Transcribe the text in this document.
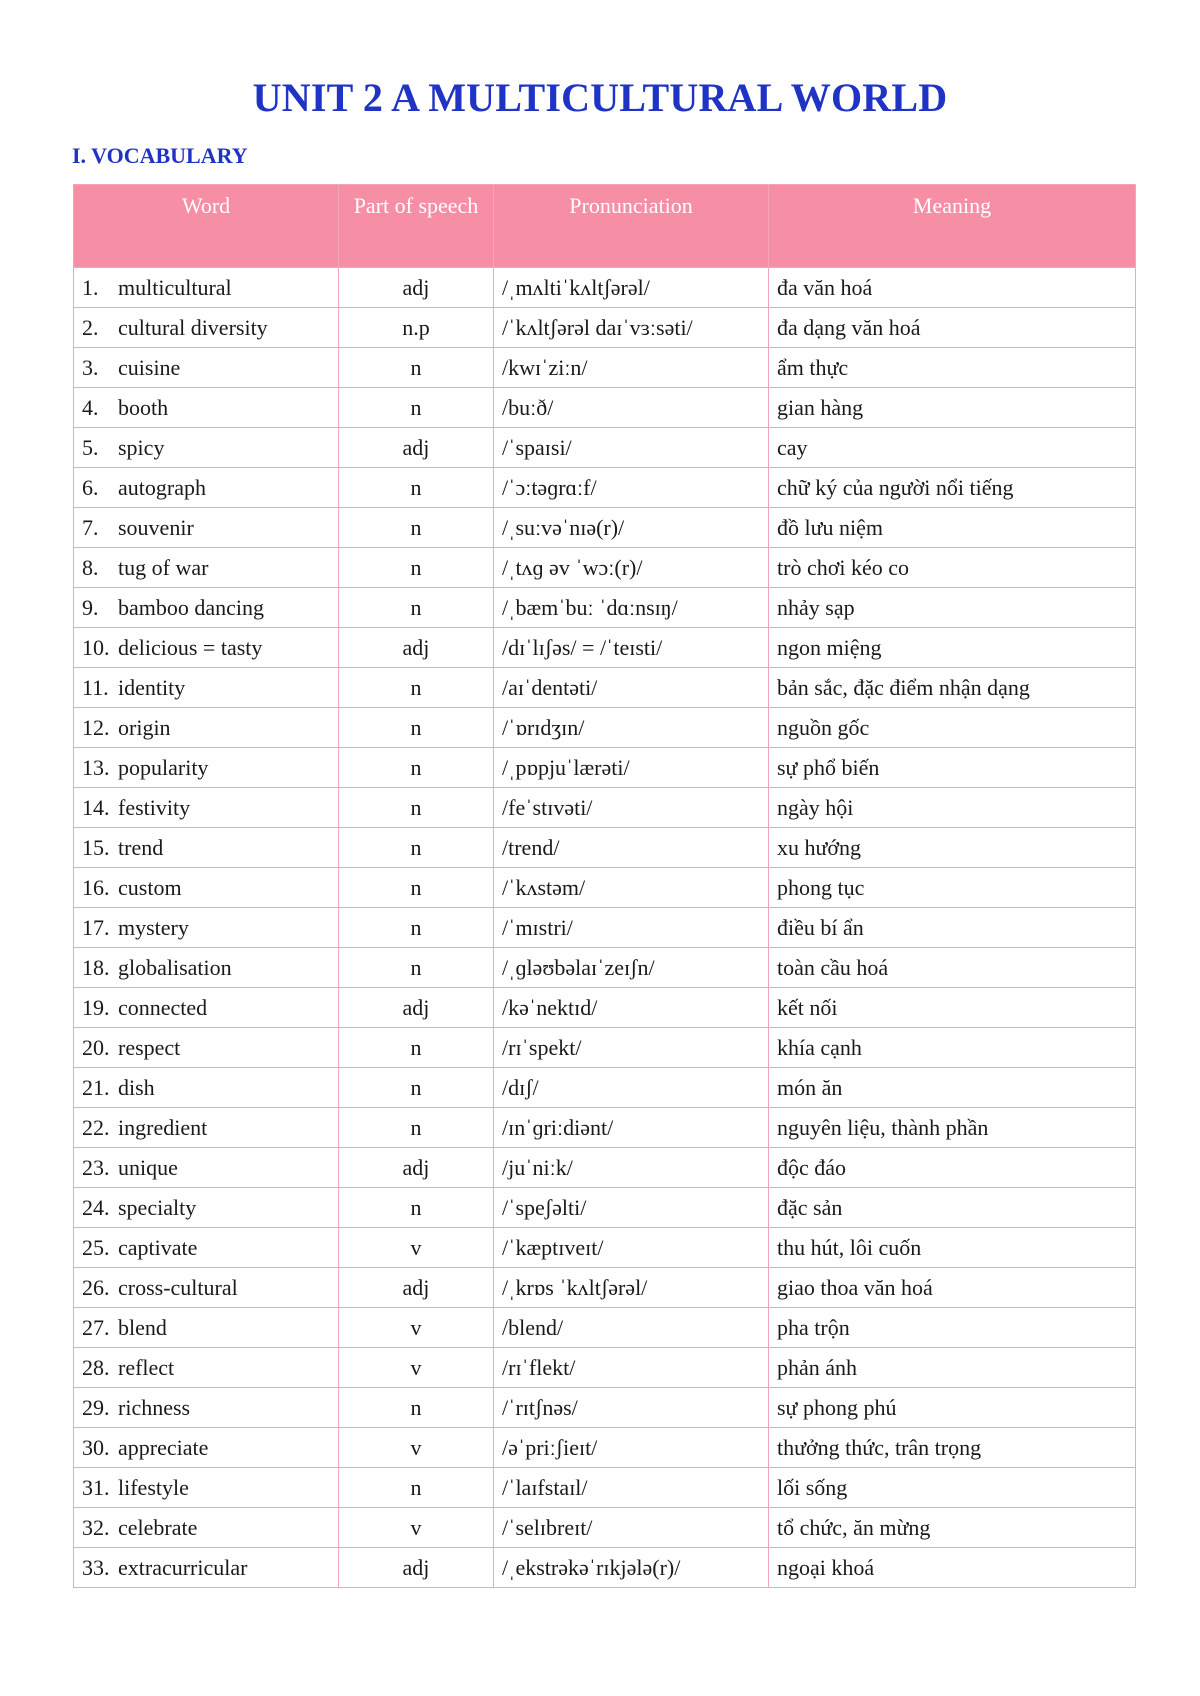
UNIT 2 A MULTICULTURAL WORLD
I. VOCABULARY
Word	Part of speech	Pronunciation	Meaning
1. multicultural	adj	/ˌmʌltiˈkʌltʃərəl/	đa văn hoá
2. cultural diversity	n.p	/ˈkʌltʃərəl daɪˈvɜːsəti/	đa dạng văn hoá
3. cuisine	n	/kwɪˈziːn/	ẩm thực
4. booth	n	/buːð/	gian hàng
5. spicy	adj	/ˈspaɪsi/	cay
6. autograph	n	/ˈɔːtəɡrɑːf/	chữ ký của người nổi tiếng
7. souvenir	n	/ˌsuːvəˈnɪə(r)/	đồ lưu niệm
8. tug of war	n	/ˌtʌɡ əv ˈwɔː(r)/	trò chơi kéo co
9. bamboo dancing	n	/ˌbæmˈbuː ˈdɑːnsɪŋ/	nhảy sạp
10. delicious = tasty	adj	/dɪˈlɪʃəs/ = /ˈteɪsti/	ngon miệng
11. identity	n	/aɪˈdentəti/	bản sắc, đặc điểm nhận dạng
12. origin	n	/ˈɒrɪdʒɪn/	nguồn gốc
13. popularity	n	/ˌpɒpjuˈlærəti/	sự phổ biến
14. festivity	n	/feˈstɪvəti/	ngày hội
15. trend	n	/trend/	xu hướng
16. custom	n	/ˈkʌstəm/	phong tục
17. mystery	n	/ˈmɪstri/	điều bí ẩn
18. globalisation	n	/ˌɡləʊbəlaɪˈzeɪʃn/	toàn cầu hoá
19. connected	adj	/kəˈnektɪd/	kết nối
20. respect	n	/rɪˈspekt/	khía cạnh
21. dish	n	/dɪʃ/	món ăn
22. ingredient	n	/ɪnˈɡriːdiənt/	nguyên liệu, thành phần
23. unique	adj	/juˈniːk/	độc đáo
24. specialty	n	/ˈspeʃəlti/	đặc sản
25. captivate	v	/ˈkæptɪveɪt/	thu hút, lôi cuốn
26. cross-cultural	adj	/ˌkrɒs ˈkʌltʃərəl/	giao thoa văn hoá
27. blend	v	/blend/	pha trộn
28. reflect	v	/rɪˈflekt/	phản ánh
29. richness	n	/ˈrɪtʃnəs/	sự phong phú
30. appreciate	v	/əˈpriːʃieɪt/	thưởng thức, trân trọng
31. lifestyle	n	/ˈlaɪfstaɪl/	lối sống
32. celebrate	v	/ˈselɪbreɪt/	tổ chức, ăn mừng
33. extracurricular	adj	/ˌekstrəkəˈrɪkjələ(r)/	ngoại khoá
